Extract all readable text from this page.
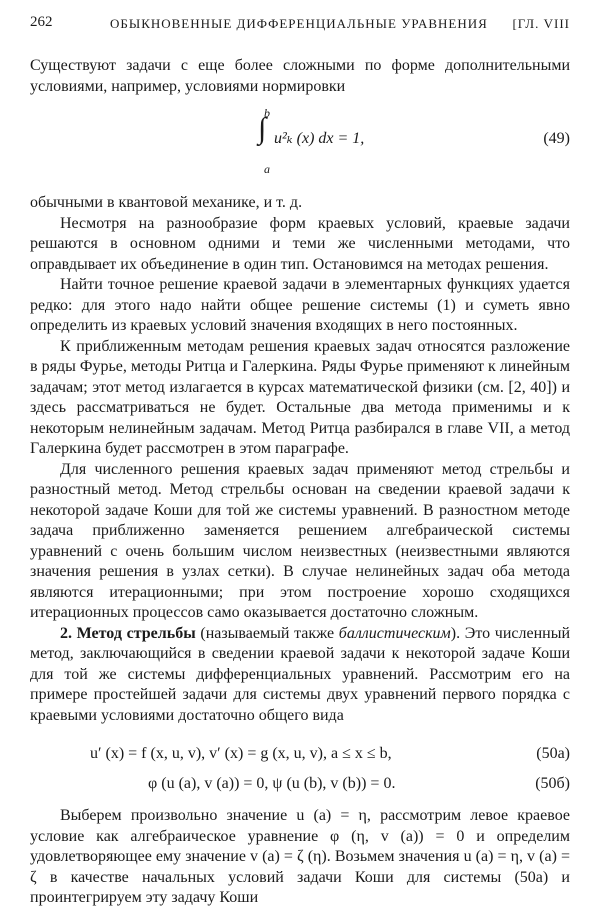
262	ОБЫКНОВЕННЫЕ ДИФФЕРЕНЦИАЛЬНЫЕ УРАВНЕНИЯ [ГЛ. VIII

Существуют задачи с еще более сложными по форме дополнительными условиями, например, условиями нормировки

∫
b
a
u²ₖ (x) dx = 1,	(49)

обычными в квантовой механике, и т. д.

Несмотря на разнообразие форм краевых условий, краевые задачи решаются в основном одними и теми же численными методами, что оправдывает их объединение в один тип. Остановимся на методах решения.

Найти точное решение краевой задачи в элементарных функциях удается редко: для этого надо найти общее решение системы (1) и суметь явно определить из краевых условий значения входящих в него постоянных.

К приближенным методам решения краевых задач относятся разложение в ряды Фурье, методы Ритца и Галеркина. Ряды Фурье применяют к линейным задачам; этот метод излагается в курсах математической физики (см. [2, 40]) и здесь рассматриваться не будет. Остальные два метода применимы и к некоторым нелинейным задачам. Метод Ритца разбирался в главе VII, а метод Галеркина будет рассмотрен в этом параграфе.

Для численного решения краевых задач применяют метод стрельбы и разностный метод. Метод стрельбы основан на сведении краевой задачи к некоторой задаче Коши для той же системы уравнений. В разностном методе задача приближенно заменяется решением алгебраической системы уравнений с очень большим числом неизвестных (неизвестными являются значения решения в узлах сетки). В случае нелинейных задач оба метода являются итерационными; при этом построение хорошо сходящихся итерационных процессов само оказывается достаточно сложным.

2. Метод стрельбы (называемый также баллистическим). Это численный метод, заключающийся в сведении краевой задачи к некоторой задаче Коши для той же системы дифференциальных уравнений. Рассмотрим его на примере простейшей задачи для системы двух уравнений первого порядка с краевыми условиями достаточно общего вида

u′ (x) = f (x, u, v), v′ (x) = g (x, u, v), a ≤ x ≤ b,	(50а)
φ (u (a), v (a)) = 0, ψ (u (b), v (b)) = 0.	(50б)

Выберем произвольно значение u (a) = η, рассмотрим левое краевое условие как алгебраическое уравнение φ (η, v (a)) = 0 и определим удовлетворяющее ему значение v (a) = ζ (η). Возьмем значения u (a) = η, v (a) = ζ в качестве начальных условий задачи Коши для системы (50а) и проинтегрируем эту задачу Коши
